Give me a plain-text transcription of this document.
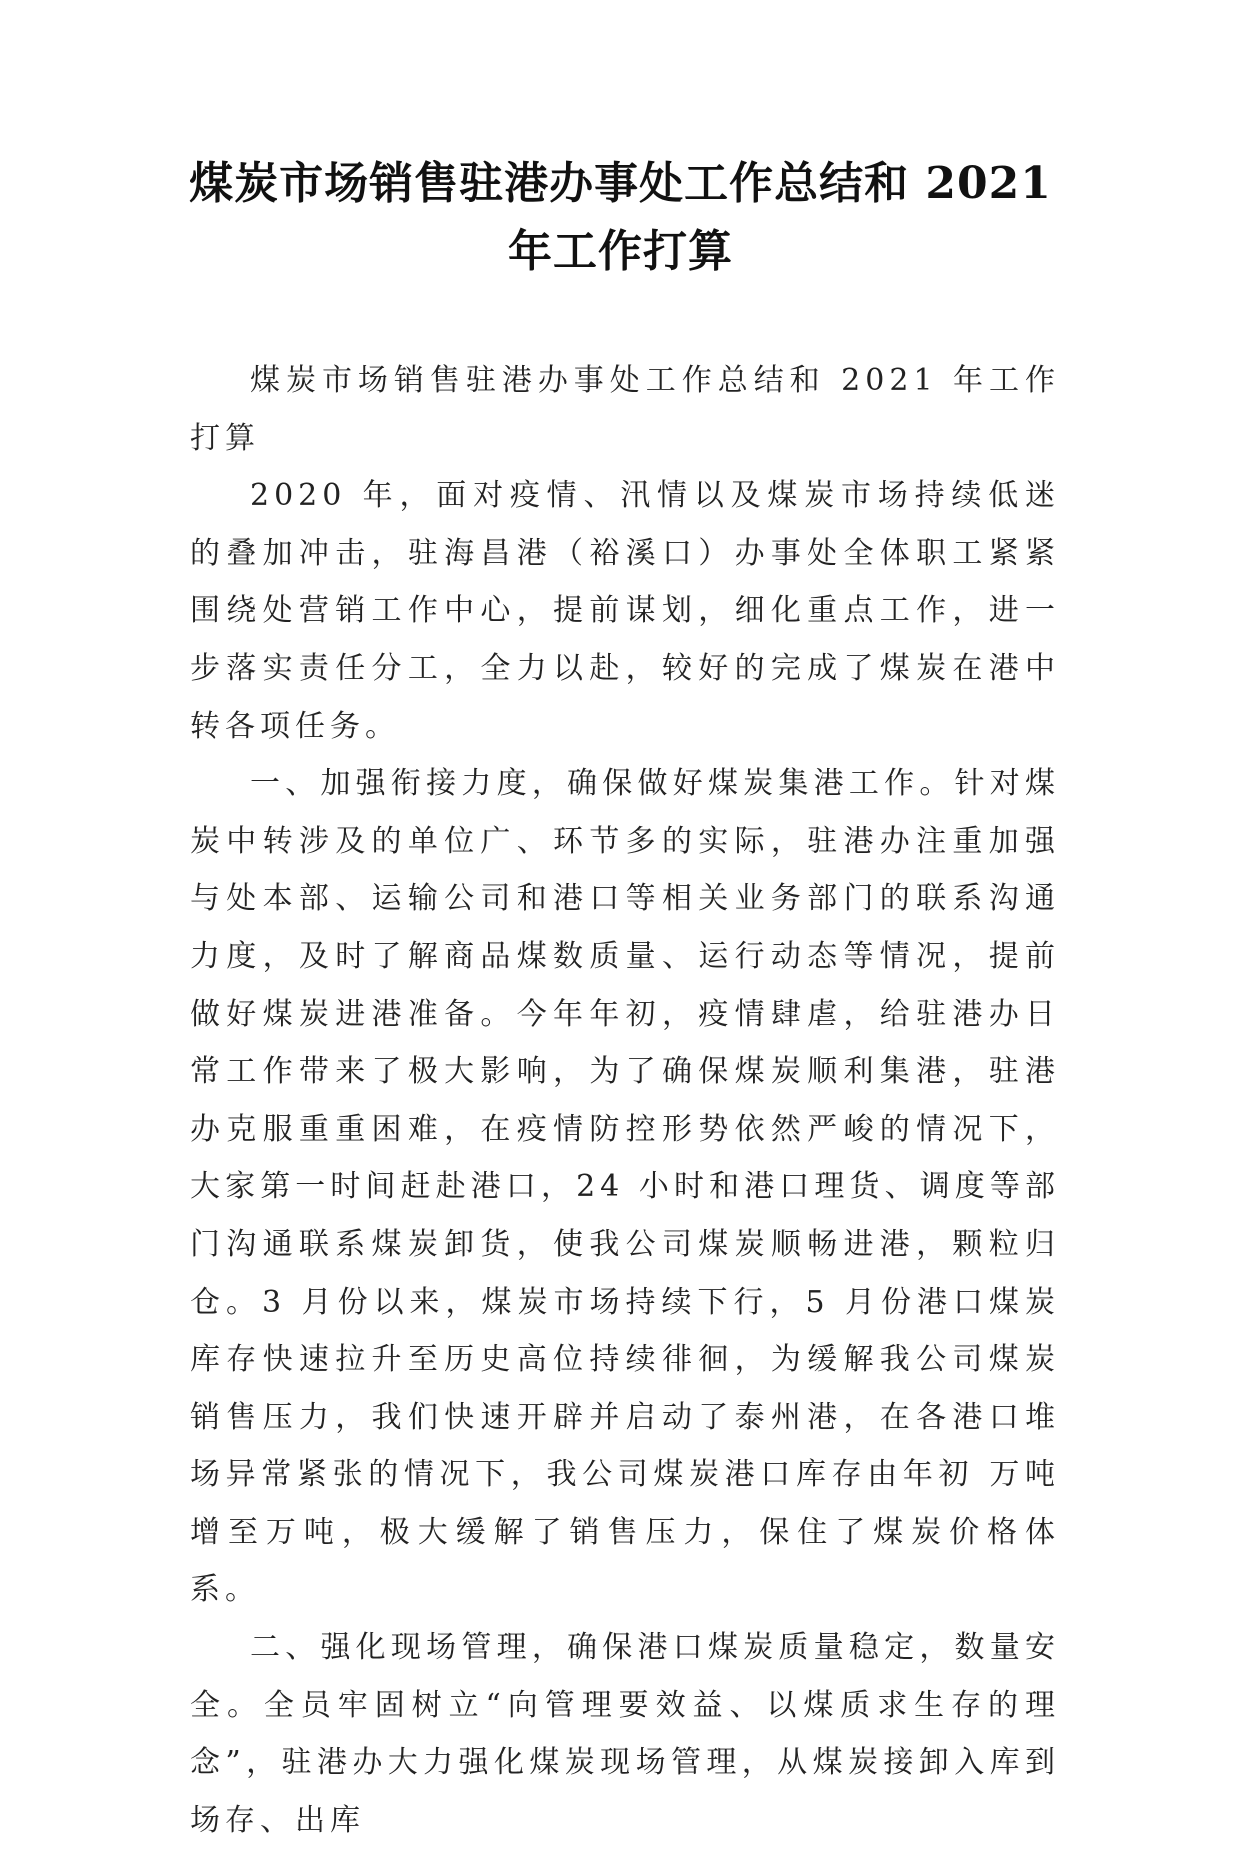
煤炭市场销售驻港办事处工作总结和 2021
年工作打算

煤炭市场销售驻港办事处工作总结和 2021 年工作打算

2020 年，面对疫情、汛情以及煤炭市场持续低迷的叠加冲击，驻海昌港（裕溪口）办事处全体职工紧紧围绕处营销工作中心，提前谋划，细化重点工作，进一步落实责任分工，全力以赴，较好的完成了煤炭在港中转各项任务。

一、加强衔接力度，确保做好煤炭集港工作。针对煤炭中转涉及的单位广、环节多的实际，驻港办注重加强与处本部、运输公司和港口等相关业务部门的联系沟通力度，及时了解商品煤数质量、运行动态等情况，提前做好煤炭进港准备。今年年初，疫情肆虐，给驻港办日常工作带来了极大影响，为了确保煤炭顺利集港，驻港办克服重重困难，在疫情防控形势依然严峻的情况下，大家第一时间赶赴港口，24 小时和港口理货、调度等部门沟通联系煤炭卸货，使我公司煤炭顺畅进港，颗粒归仓。3 月份以来，煤炭市场持续下行，5 月份港口煤炭库存快速拉升至历史高位持续徘徊，为缓解我公司煤炭销售压力，我们快速开辟并启动了泰州港，在各港口堆场异常紧张的情况下，我公司煤炭港口库存由年初 万吨增至万吨，极大缓解了销售压力，保住了煤炭价格体系。

二、强化现场管理，确保港口煤炭质量稳定，数量安全。全员牢固树立“向管理要效益、以煤质求生存的理念”，驻港办大力强化煤炭现场管理，从煤炭接卸入库到场存、出库
